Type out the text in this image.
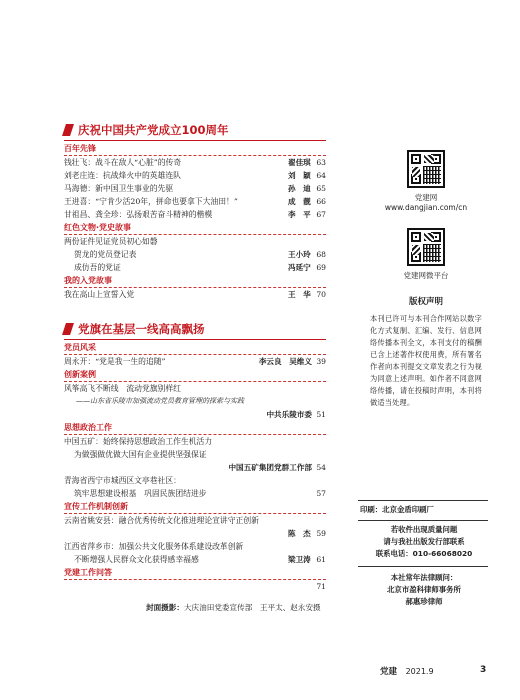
庆祝中国共产党成立100周年
百年先锋
钱壮飞：战斗在敌人“心脏”的传奇	翟佳琪 63
刘老庄连：抗战烽火中的英雄连队	刘　颖 64
马海德：新中国卫生事业的先驱	孙　迪 65
王进喜：“宁肯少活20年，拼命也要拿下大油田！”	成　靓 66
甘祖昌、龚全珍：弘扬艰苦奋斗精神的楷模	李　平 67
红色文物·党史故事
两份证件见证党员初心如磐
贺龙的党员登记表	王小玲 68
成仿吾的党证	冯延宁 69
我的入党故事
我在高山上宣誓入党	王　华 70
党旗在基层一线高高飘扬
党员风采
周永开：“党是我一生的追随”	李云良　吴维义 39
创新案例
风筝高飞不断线　流动党旗别样红
——山东省乐陵市加强流动党员教育管理的探索与实践
中共乐陵市委 51
思想政治工作
中国五矿：始终保持思想政治工作生机活力
为做强做优做大国有企业提供坚强保证
中国五矿集团党群工作部 54
青海省西宁市城西区文亭巷社区：
筑牢思想建设根基　巩固民族团结进步	57
宣传工作机制创新
云南省姚安县：融合优秀传统文化推进理论宣讲守正创新
陈　杰 59
江西省萍乡市：加强公共文化服务体系建设改革创新
不断增强人民群众文化获得感幸福感	梁卫涛 61
党建工作问答
71
党建网
www.dangjian.com/cn
党建网微平台
版权声明
本刊已许可与本刊合作网站以数字化方式复制、汇编、发行、信息网络传播本刊全文，本刊支付的稿酬已含上述著作权使用费，所有署名作者向本刊提交文章发表之行为视为同意上述声明。如作者不同意网络传播，请在投稿时声明，本刊将做适当处理。
印刷：北京金盾印刷厂
若收件出现质量问题
请与我社出版发行部联系
联系电话：010-66068020
本社常年法律顾问：
北京市盈科律师事务所
郝惠珍律师
封面摄影：大庆油田党委宣传部　王平太、赵永安摄
党建 2021.9	3
